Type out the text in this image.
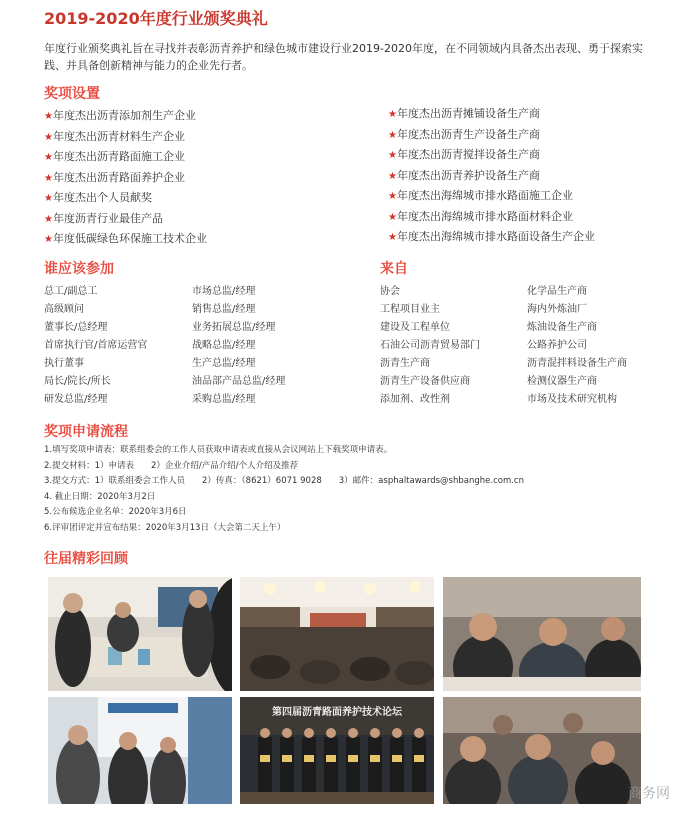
2019-2020年度行业颁奖典礼
年度行业颁奖典礼旨在寻找并表彰沥青养护和绿色城市建设行业2019-2020年度，在不同领域内具备杰出表现、勇于探索实践、并具备创新精神与能力的企业先行者。
奖项设置
★年度杰出沥青添加剂生产企业
★年度杰出沥青材料生产企业
★年度杰出沥青路面施工企业
★年度杰出沥青路面养护企业
★年度杰出个人员献奖
★年度沥青行业最佳产品
★年度低碳绿色环保施工技术企业
★年度杰出沥青摊铺设备生产商
★年度杰出沥青生产设备生产商
★年度杰出沥青搅拌设备生产商
★年度杰出沥青养护设备生产商
★年度杰出海绵城市排水路面施工企业
★年度杰出海绵城市排水路面材料企业
★年度杰出海绵城市排水路面设备生产企业
谁应该参加
总工/副总工
高级顾问
董事长/总经理
首席执行官/首席运营官
执行董事
局长/院长/所长
研发总监/经理
市场总监/经理
销售总监/经理
业务拓展总监/经理
战略总监/经理
生产总监/经理
油品部产品总监/经理
采购总监/经理
来自
协会
工程项目业主
建设及工程单位
石油公司沥青贸易部门
沥青生产商
沥青生产设备供应商
添加剂、改性剂
化学品生产商
海内外炼油厂
炼油设备生产商
公路养护公司
沥青混拌料设备生产商
检测仪器生产商
市场及技术研究机构
奖项申请流程
1.填写奖项申请表：联系组委会的工作人员获取申请表或直接从会议网站上下载奖项申请表。
2.提交材料：1）申请表　　2）企业介绍/产品介绍/个人介绍及推荐
3.提交方式：1）联系组委会工作人员　　2）传真：（8621）6071 9028　　3）邮件：asphaltawards@shbanghe.com.cn
4. 截止日期：2020年3月2日
5.公布候选企业名单：2020年3月6日
6.评审团评定并宣布结果：2020年3月13日（大会第二天上午）
往届精彩回顾
第四届沥青路面养护技术论坛
商务网
